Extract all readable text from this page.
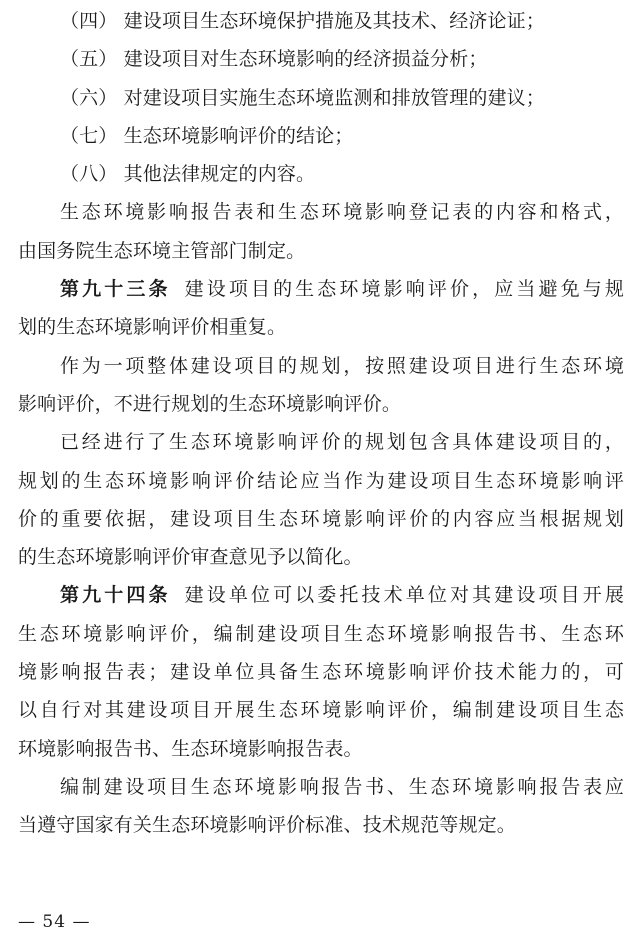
（四） 建设项目生态环境保护措施及其技术、经济论证；
（五） 建设项目对生态环境影响的经济损益分析；
（六） 对建设项目实施生态环境监测和排放管理的建议；
（七） 生态环境影响评价的结论；
（八） 其他法律规定的内容。
生态环境影响报告表和生态环境影响登记表的内容和格式，
由国务院生态环境主管部门制定。
第九十三条 建设项目的生态环境影响评价，应当避免与规
划的生态环境影响评价相重复。
作为一项整体建设项目的规划，按照建设项目进行生态环境
影响评价，不进行规划的生态环境影响评价。
已经进行了生态环境影响评价的规划包含具体建设项目的，
规划的生态环境影响评价结论应当作为建设项目生态环境影响评
价的重要依据，建设项目生态环境影响评价的内容应当根据规划
的生态环境影响评价审查意见予以简化。
第九十四条 建设单位可以委托技术单位对其建设项目开展
生态环境影响评价，编制建设项目生态环境影响报告书、生态环
境影响报告表；建设单位具备生态环境影响评价技术能力的，可
以自行对其建设项目开展生态环境影响评价，编制建设项目生态
环境影响报告书、生态环境影响报告表。
编制建设项目生态环境影响报告书、生态环境影响报告表应
当遵守国家有关生态环境影响评价标准、技术规范等规定。
— 54 —
